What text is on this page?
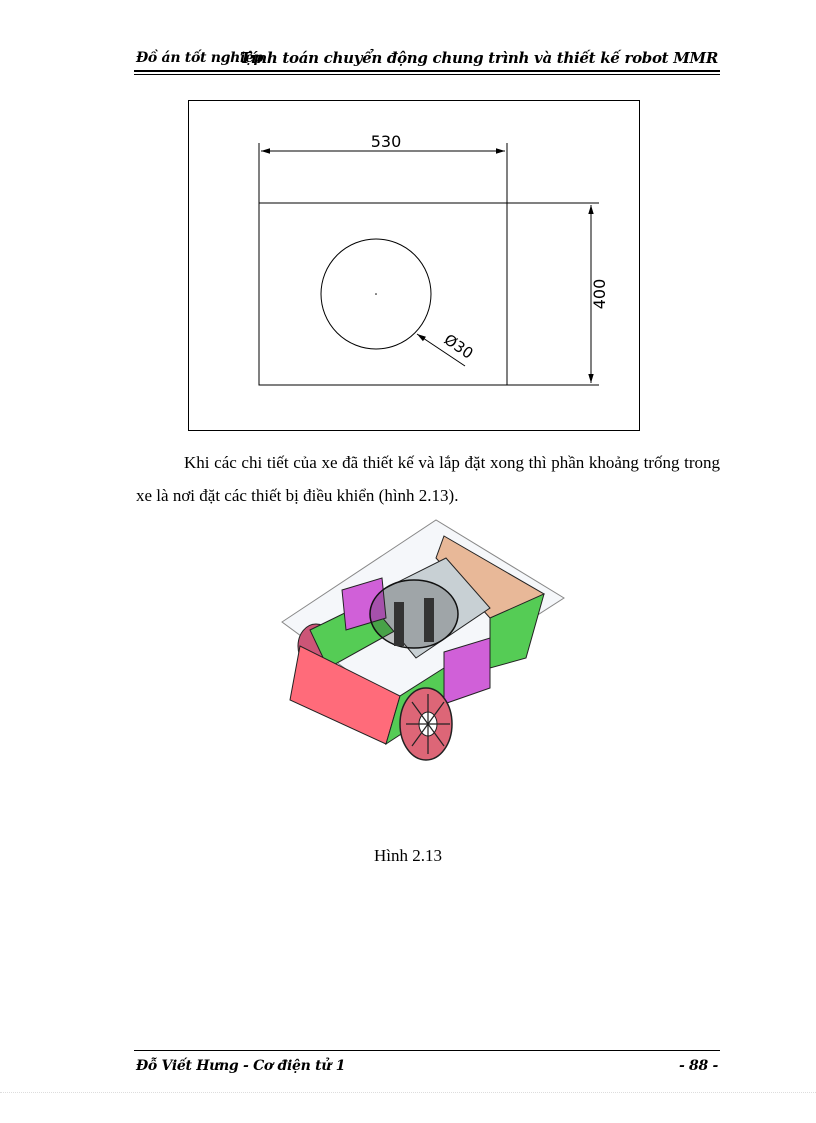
Đồ án tốt nghiệp
Tính toán chuyển động chung trình và thiết kế robot MMR
530
400
Ø30
Khi các chi tiết của xe đã thiết kế và lắp đặt xong thì phần khoảng trống trong xe là nơi đặt các thiết bị điều khiển (hình 2.13).
Hình 2.13
Đỗ Viết Hưng - Cơ điện tử 1	- 88 -
